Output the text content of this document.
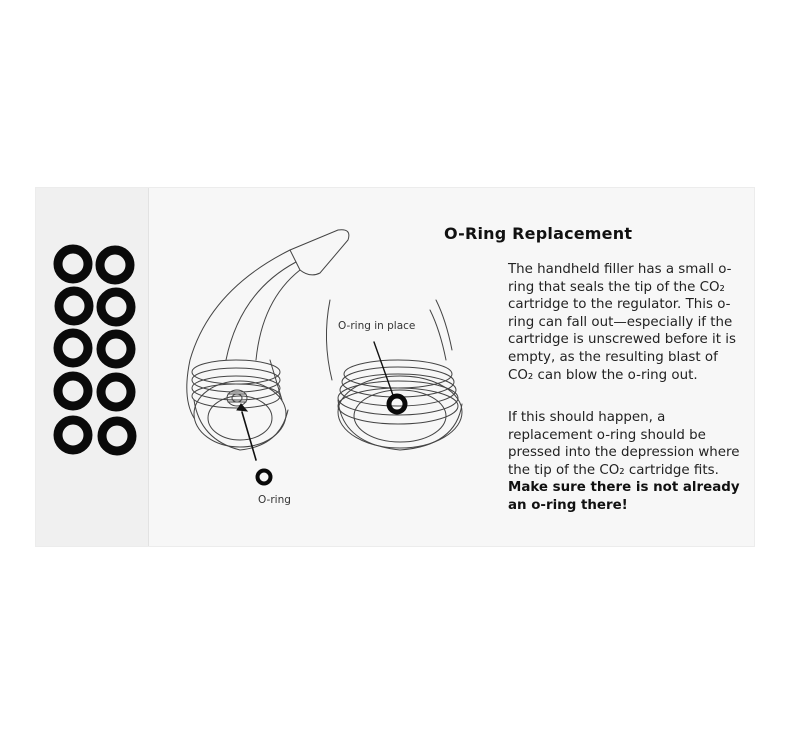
O-ring
O-ring in place
O-Ring Replacement
The handheld filler has a small o-ring that seals the tip of the CO₂ cartridge to the regulator. This o-ring can fall out—especially if the cartridge is unscrewed before it is empty, as the resulting blast of CO₂ can blow the o-ring out.
If this should happen, a replacement o-ring should be pressed into the depression where the tip of the CO₂ cartridge fits. Make sure there is not already an o-ring there!
